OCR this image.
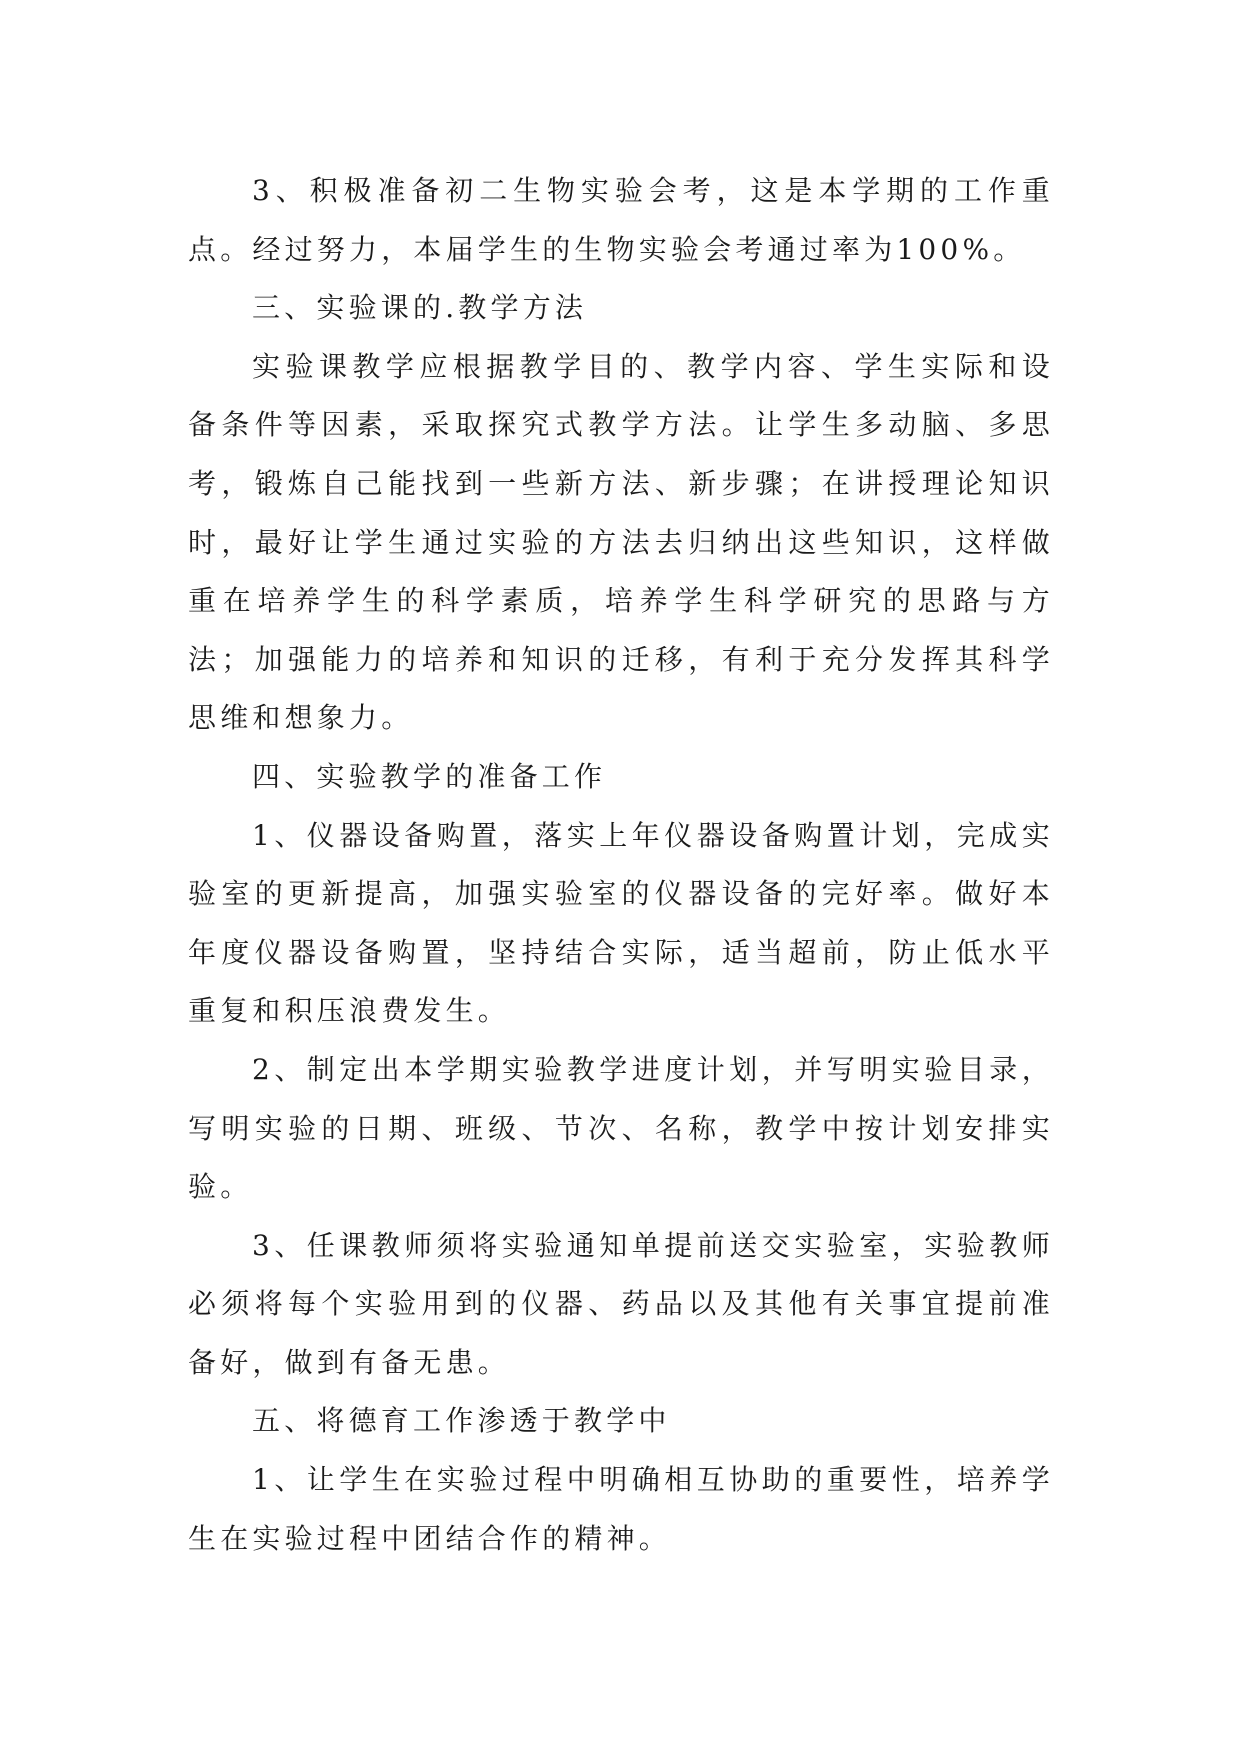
3、积极准备初二生物实验会考，这是本学期的工作重点。经过努力，本届学生的生物实验会考通过率为100%。

三、实验课的.教学方法

实验课教学应根据教学目的、教学内容、学生实际和设备条件等因素，采取探究式教学方法。让学生多动脑、多思考，锻炼自己能找到一些新方法、新步骤；在讲授理论知识时，最好让学生通过实验的方法去归纳出这些知识，这样做重在培养学生的科学素质，培养学生科学研究的思路与方法；加强能力的培养和知识的迁移，有利于充分发挥其科学思维和想象力。

四、实验教学的准备工作

1、仪器设备购置，落实上年仪器设备购置计划，完成实验室的更新提高，加强实验室的仪器设备的完好率。做好本年度仪器设备购置，坚持结合实际，适当超前，防止低水平重复和积压浪费发生。

2、制定出本学期实验教学进度计划，并写明实验目录，写明实验的日期、班级、节次、名称，教学中按计划安排实验。

3、任课教师须将实验通知单提前送交实验室，实验教师必须将每个实验用到的仪器、药品以及其他有关事宜提前准备好，做到有备无患。

五、将德育工作渗透于教学中

1、让学生在实验过程中明确相互协助的重要性，培养学生在实验过程中团结合作的精神。
